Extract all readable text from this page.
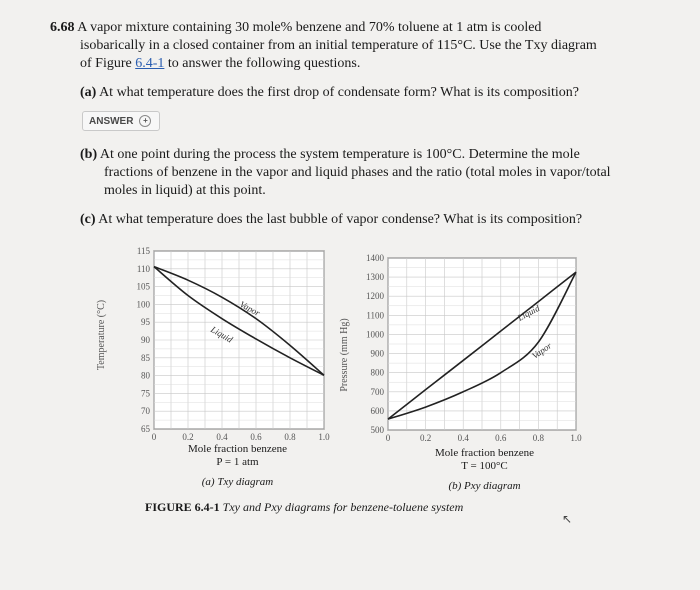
6.68 A vapor mixture containing 30 mole% benzene and 70% toluene at 1 atm is cooled
isobarically in a closed container from an initial temperature of 115°C. Use the Txy diagram
of Figure 6.4-1 to answer the following questions.
(a) At what temperature does the first drop of condensate form? What is its composition?
ANSWER	+
(b) At one point during the process the system temperature is 100°C. Determine the mole
fractions of benzene in the vapor and liquid phases and the ratio (total moles in vapor/total
moles in liquid) at this point.
(c) At what temperature does the last bubble of vapor condense? What is its composition?
65
70
75
80
85
90
95
100
105
110
115
0	0.2	0.4	0.6	0.8	1.0
Vapor
Liquid
500
600
700
800
900
1000
1100
1200
1300
1400
0	0.2	0.4	0.6	0.8	1.0
Liquid
Vapor
Temperature (°C)	Pressure (mm Hg)
Mole fraction benzene
P = 1 atm
(a) Txy diagram
Mole fraction benzene
T = 100°C
(b) Pxy diagram
FIGURE 6.4-1 Txy and Pxy diagrams for benzene-toluene system
↖
